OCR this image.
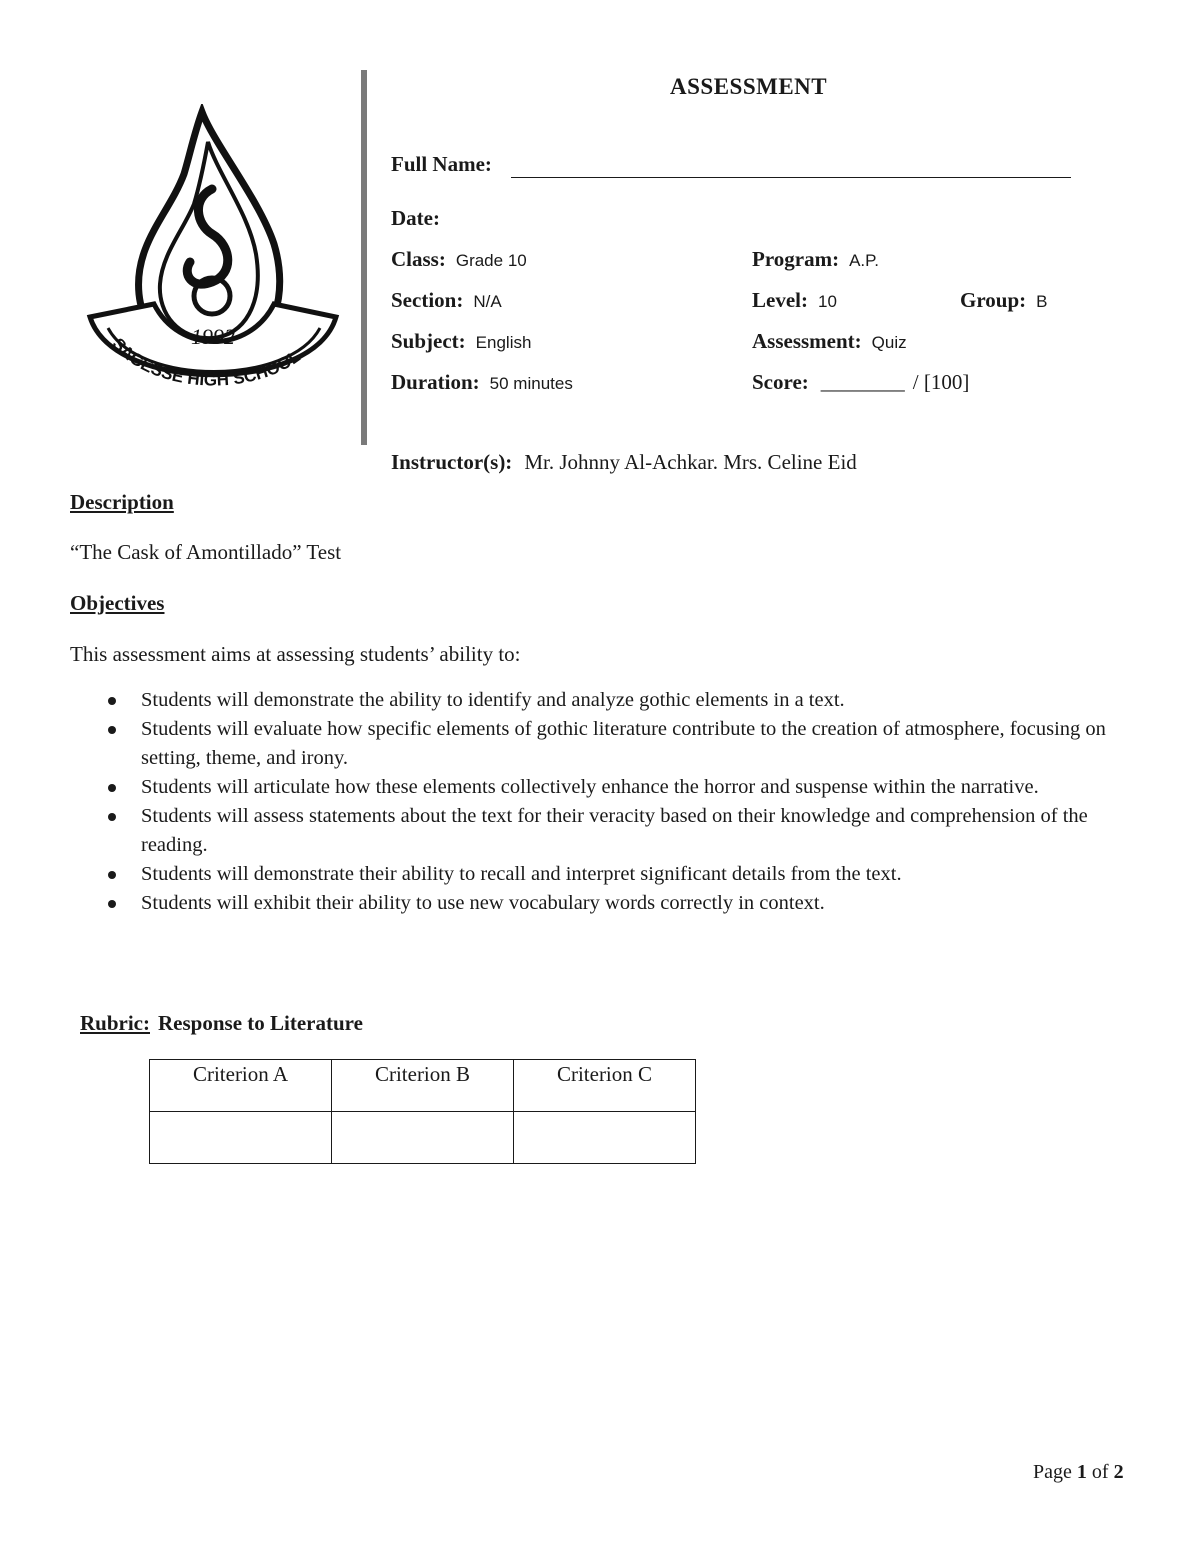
1992
SAGESSE HIGH SCHOOL
ASSESSMENT
Full Name:
Date:
Class: Grade 10	Program: A.P.
Section: N/A	Level: 10	Group: B
Subject: English	Assessment: Quiz
Duration: 50 minutes	Score: ________ / [100]
Instructor(s): Mr. Johnny Al-Achkar. Mrs. Celine Eid
Description
“The Cask of Amontillado” Test
Objectives
This assessment aims at assessing students’ ability to:
Students will demonstrate the ability to identify and analyze gothic elements in a text.
Students will evaluate how specific elements of gothic literature contribute to the creation of atmosphere, focusing on setting, theme, and irony.
Students will articulate how these elements collectively enhance the horror and suspense within the narrative.
Students will assess statements about the text for their veracity based on their knowledge and comprehension of the reading.
Students will demonstrate their ability to recall and interpret significant details from the text.
Students will exhibit their ability to use new vocabulary words correctly in context.
Rubric: Response to Literature
Criterion A	Criterion B	Criterion C

Page 1 of 2
